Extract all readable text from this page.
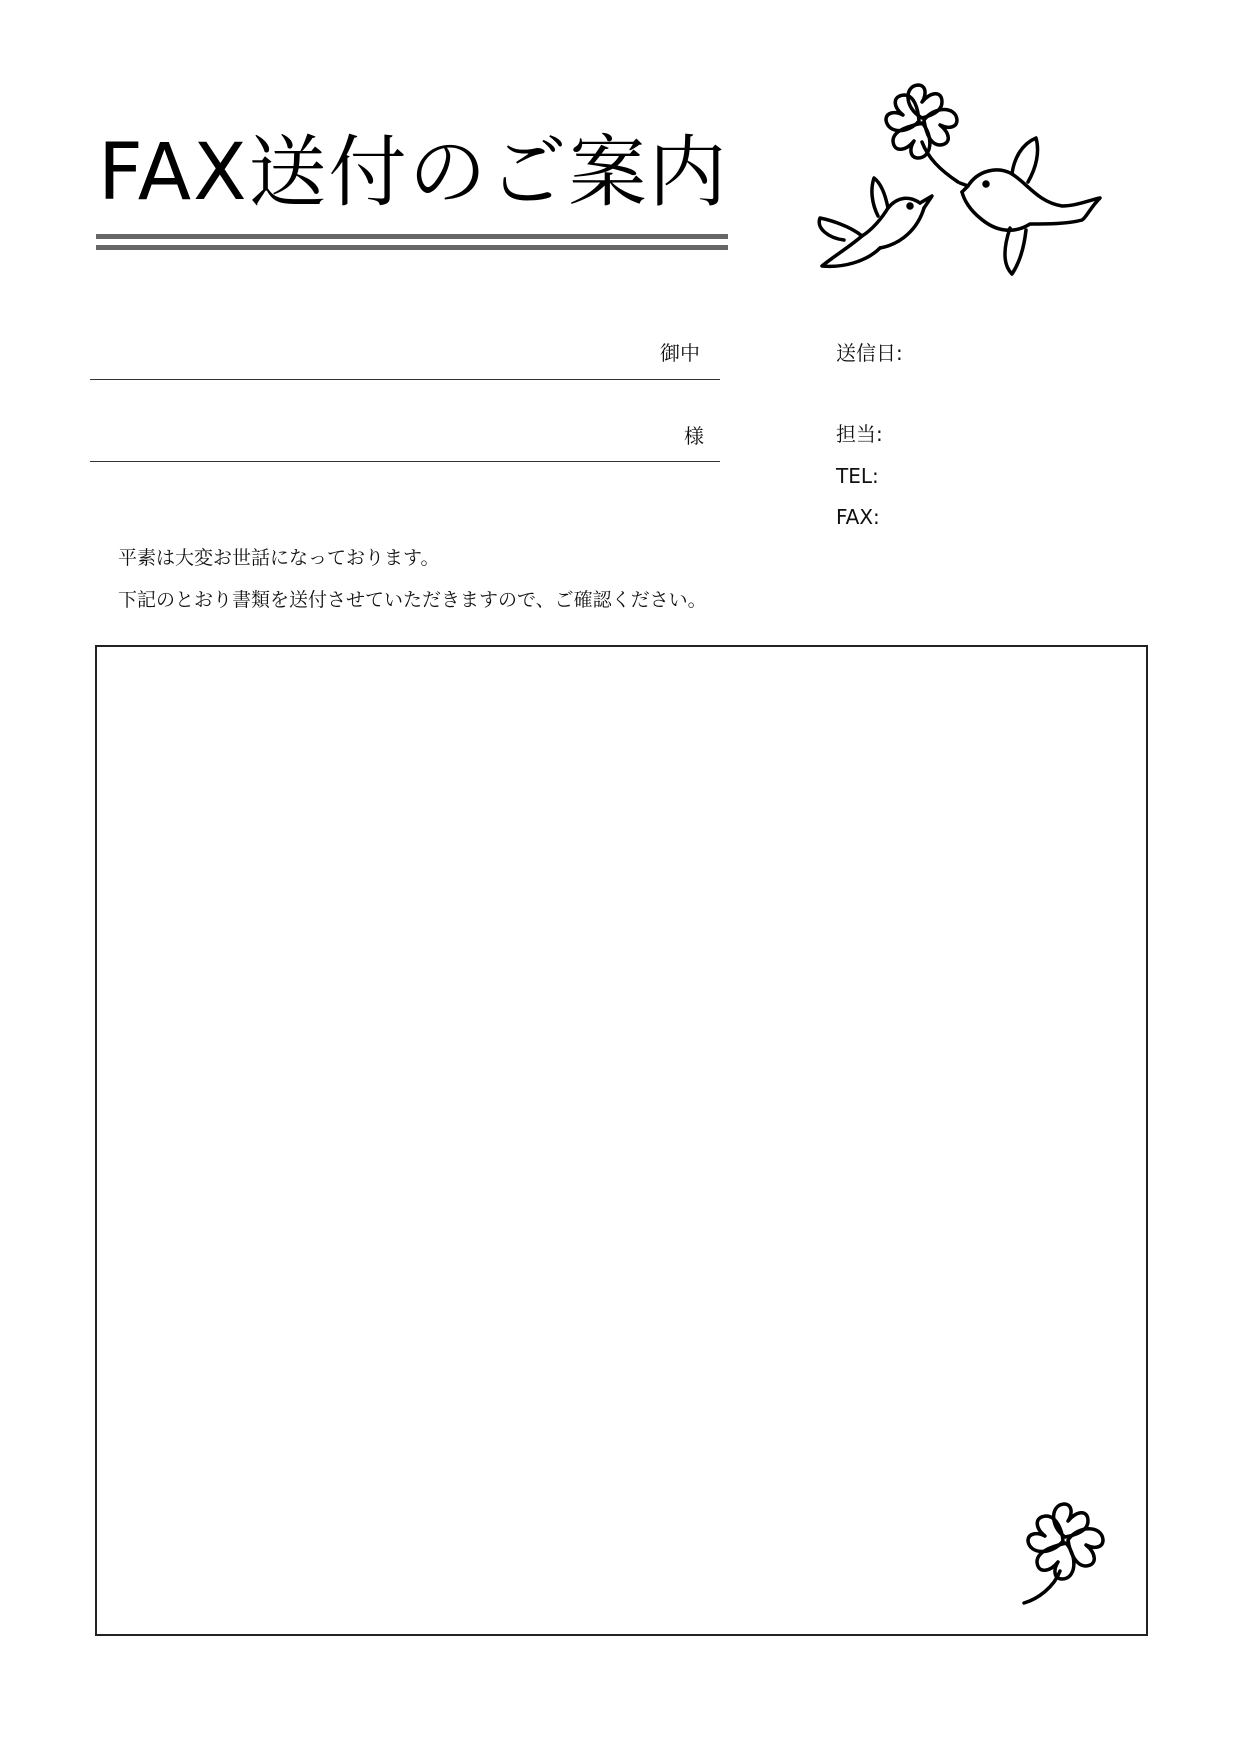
FAX送付のご案内
御中
様
送信日:
担当:
TEL:
FAX:
平素は大変お世話になっております。
下記のとおり書類を送付させていただきますので、ご確認ください。
